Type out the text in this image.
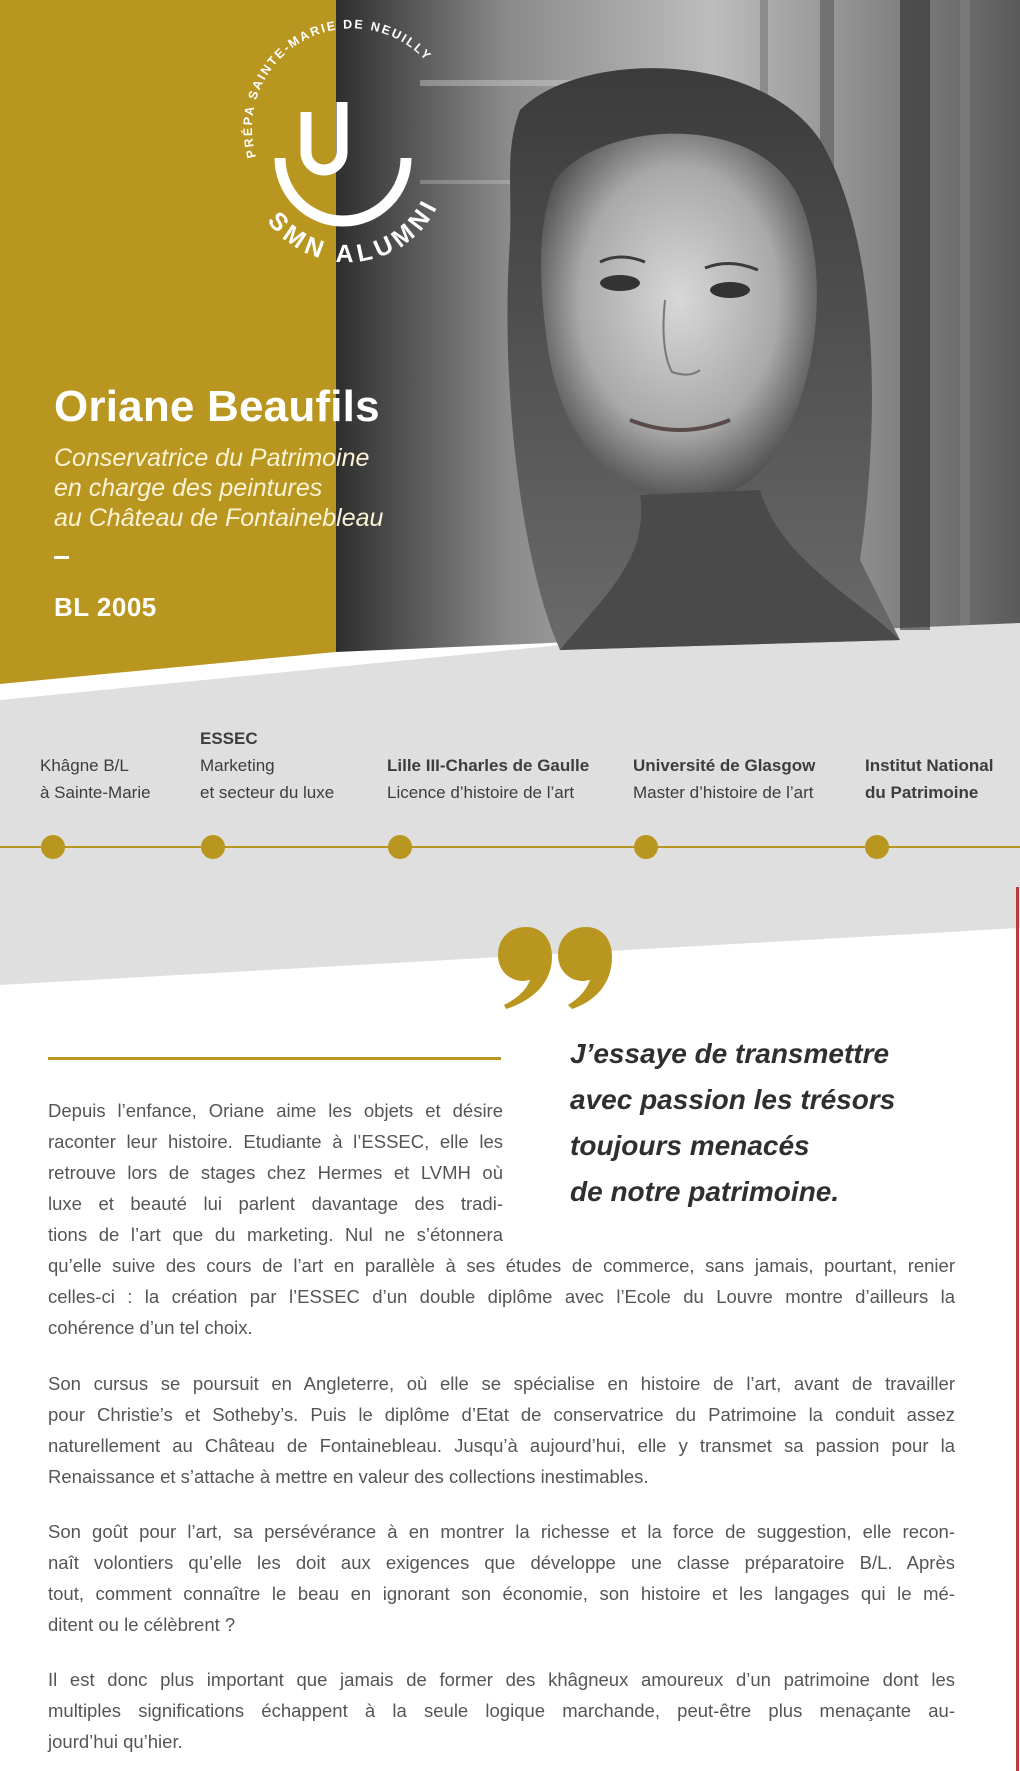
PRÉPA SAINTE-MARIE DE NEUILLY
SMN ALUMNI
Oriane Beaufils
Conservatrice du Patrimoine
en charge des peintures
au Château de Fontainebleau
BL 2005
Khâgne B/L
à Sainte-Marie
ESSEC
Marketing
et secteur du luxe
Lille III-Charles de Gaulle
Licence d’histoire de l’art
Université de Glasgow
Master d’histoire de l’art
Institut National
du Patrimoine
J’essaye de transmettre
avec passion les trésors
toujours menacés
de notre patrimoine.
Depuis l’enfance, Oriane aime les objets et désire
raconter leur histoire. Etudiante à l’ESSEC, elle les
retrouve lors de stages chez Hermes et LVMH où
luxe et beauté lui parlent davantage des tradi-
tions de l’art que du marketing. Nul ne s’étonnera
qu’elle suive des cours de l’art en parallèle à ses études de commerce, sans jamais, pourtant, renier
celles-ci : la création par l’ESSEC d’un double diplôme avec l’Ecole du Louvre montre d’ailleurs la
cohérence d’un tel choix.
Son cursus se poursuit en Angleterre, où elle se spécialise en histoire de l’art, avant de travailler
pour Christie’s et Sotheby’s. Puis le diplôme d’Etat de conservatrice du Patrimoine la conduit assez
naturellement au Château de Fontainebleau. Jusqu’à aujourd’hui, elle y transmet sa passion pour la
Renaissance et s’attache à mettre en valeur des collections inestimables.
Son goût pour l’art, sa persévérance à en montrer la richesse et la force de suggestion, elle recon-
naît volontiers qu’elle les doit aux exigences que développe une classe préparatoire B/L. Après
tout, comment connaître le beau en ignorant son économie, son histoire et les langages qui le mé-
ditent ou le célèbrent ?
Il est donc plus important que jamais de former des khâgneux amoureux d’un patrimoine dont les
multiples significations échappent à la seule logique marchande, peut-être plus menaçante au-
jourd’hui qu’hier.
